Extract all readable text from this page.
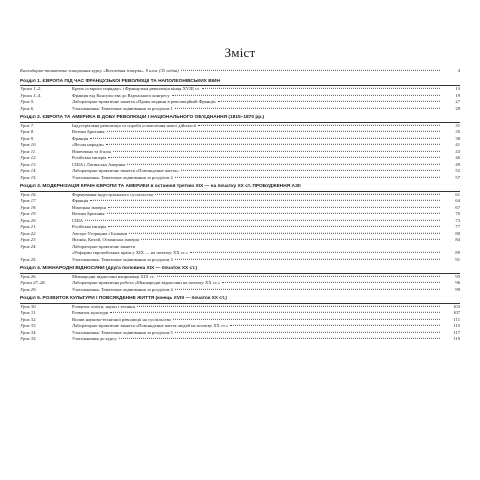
Зміст
Календарно-тематичне планування курсу «Всесвітня історія». 9 клас (35 годин)	4
Розділ 1. ЄВРОПА ПІД ЧАС ФРАНЦУЗЬКОЇ РЕВОЛЮЦІЇ ТА НАПОЛЕОНІВСЬКИХ ВІЙН
Уроки 1–2.	Криза «старого порядку» і Французька революція кінця XVIII ст.	13
Уроки 3–4.	Франція від Консульства до Віденського конгресу	19
Урок 5.	Лабораторно-практичне заняття «Права людини в революційній Франції»	27
Урок 6.	Узагальнення. Тематичне оцінювання за розділом 1	28
Розділ 2. ЄВРОПА ТА АМЕРИКА В ДОБУ РЕВОЛЮЦІЙ І НАЦІОНАЛЬНОГО ОБ'ЄДНАННЯ (1815–1870 рр.)
Урок 7.	Індустріальна революція та спроби осмислення нової дійсності	31
Урок 8.	Велика Британія	35
Урок 9.	Франція	38
Урок 10.	«Весна народів»	41
Урок 11.	Німеччина та Італія	43
Урок 12.	Російська імперія	46
Урок 13.	США і Латинська Америка	49
Урок 14.	Лабораторно-практичне заняття «Повсякденне життя»	52
Урок 15.	Узагальнення. Тематичне оцінювання за розділом 2	57
Розділ 3. МОДЕРНІЗАЦІЯ КРАЇН ЄВРОПИ ТА АМЕРИКИ в останній третині XIX — на початку XX ст. ПРОБУДЖЕННЯ АЗІЇ
Урок 16.	Формування індустріального суспільства	61
Урок 17.	Франція	64
Урок 18.	Німецька імперія	67
Урок 19.	Велика Британія	70
Урок 20.	США	73
Урок 21.	Російська імперія	77
Урок 22.	Австро-Угорщина і Балкани	80
Урок 23.	Японія, Китай, Османська імперія	84
Урок 24.	Лабораторно-практичне заняття
«Реформи європейських країн у XIX — на початку XX ст.»	89
Урок 25.	Узагальнення. Тематичне оцінювання за розділом 3	91
Розділ 4. МІЖНАРОДНІ ВІДНОСИНИ (друга половина XIX — початок XX ст.)
Урок 26.	Міжнародні відносини наприкінці XIX ст.	93
Уроки 27–28.	Лабораторно-практична робота «Міжнародні відносини на початку XX ст.»	96
Урок 29.	Узагальнення. Тематичне оцінювання за розділом 4	99
Розділ 5. РОЗВИТОК КУЛЬТУРИ І ПОВСЯКДЕННЕ ЖИТТЯ (кінець XVIII — початок XX ст.)
Урок 30.	Розвиток освіти, науки і техніки	103
Урок 31.	Розвиток культури	107
Урок 32.	Вплив науково-технічної революції на суспільство	111
Урок 33.	Лабораторно-практичне заняття «Повсякденне життя людей на початку XX ст.»	115
Урок 34.	Узагальнення. Тематичне оцінювання за розділом 5	117
Урок 35.	Узагальнення до курсу	119
